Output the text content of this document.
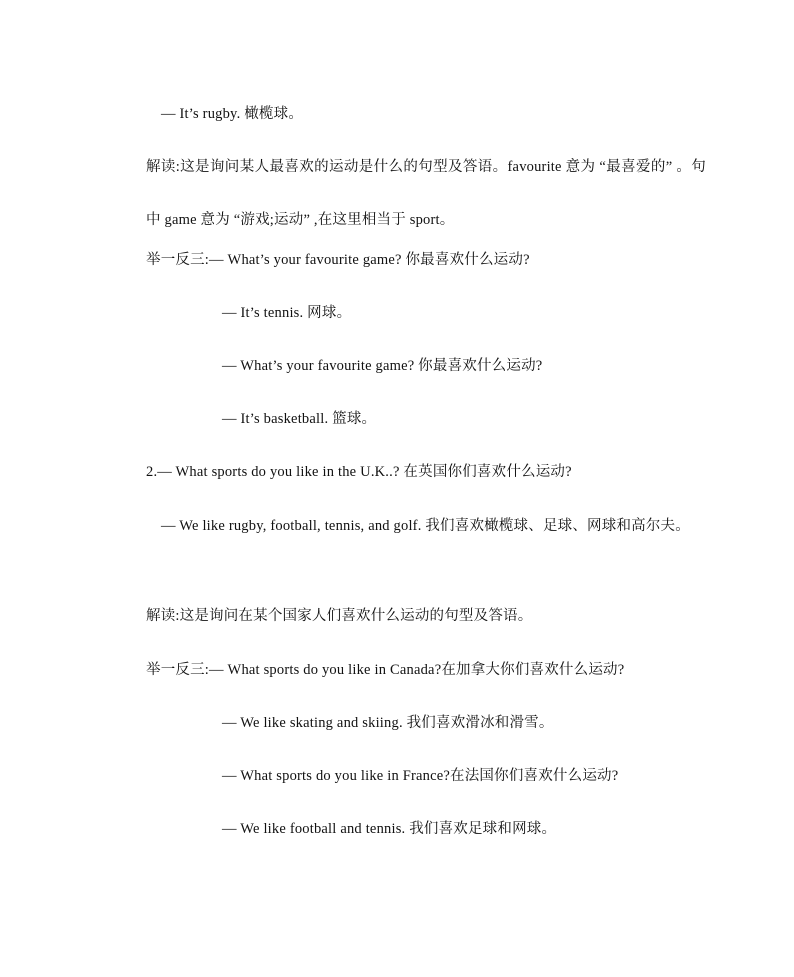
— It’s rugby. 橄榄球。
解读:这是询问某人最喜欢的运动是什么的句型及答语。favourite 意为 “最喜爱的” 。句中 game 意为 “游戏;运动” ,在这里相当于 sport。
举一反三:— What’s your favourite game? 你最喜欢什么运动?
— It’s tennis. 网球。
— What’s your favourite game? 你最喜欢什么运动?
— It’s basketball. 篮球。
2.— What sports do you like in the U.K..? 在英国你们喜欢什么运动?
— We like rugby, football, tennis, and golf. 我们喜欢橄榄球、足球、网球和高尔夫。
解读:这是询问在某个国家人们喜欢什么运动的句型及答语。
举一反三:— What sports do you like in Canada?在加拿大你们喜欢什么运动?
— We like skating and skiing. 我们喜欢滑冰和滑雪。
— What sports do you like in France?在法国你们喜欢什么运动?
— We like football and tennis. 我们喜欢足球和网球。
